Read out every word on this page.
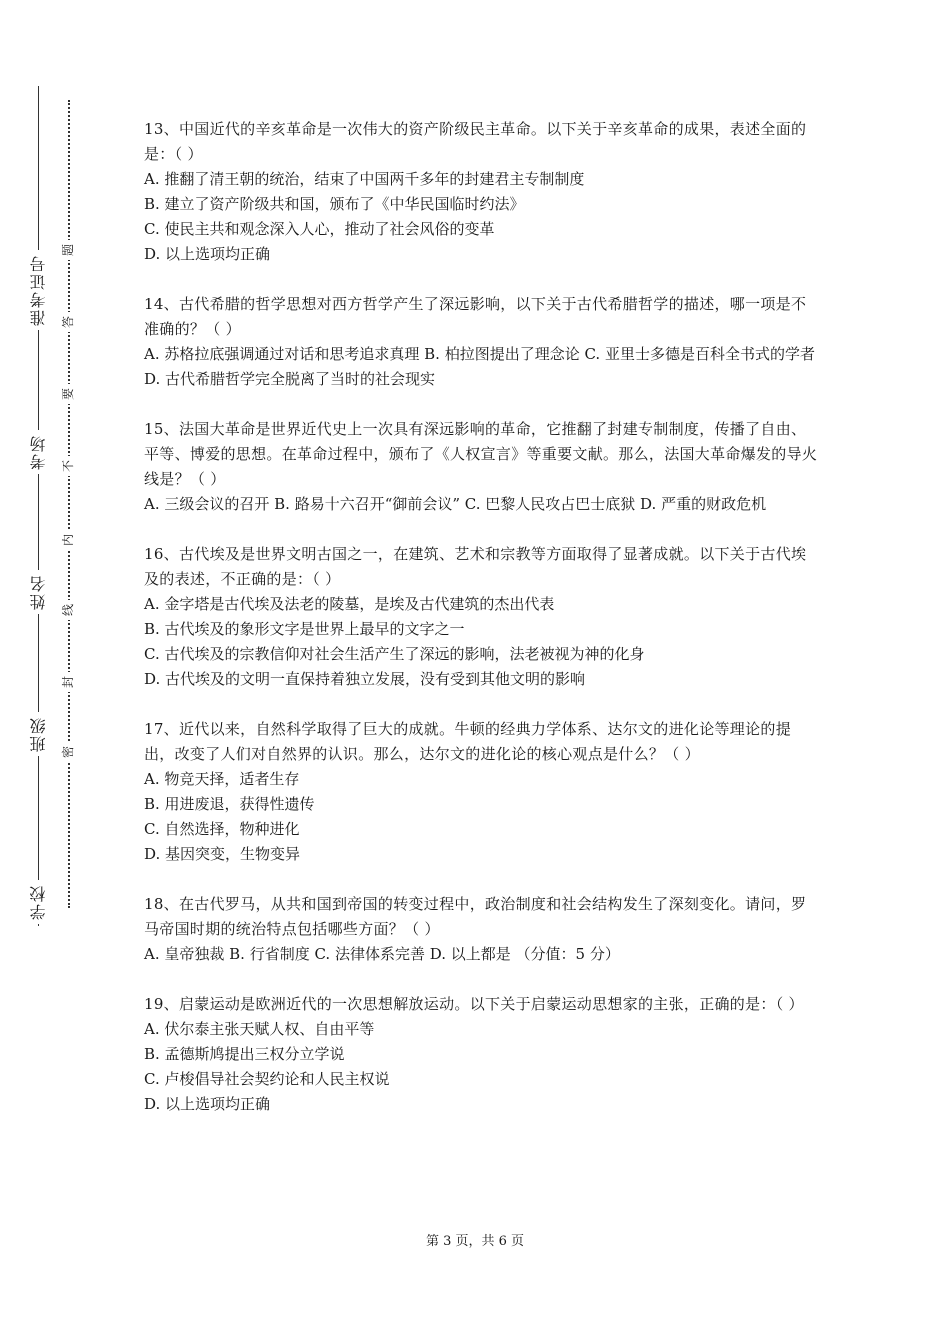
准考证号
考场
姓名
班级
学校
题
答
要
不
内
线
封
密

13、中国近代的辛亥革命是一次伟大的资产阶级民主革命。以下关于辛亥革命的成果，表述全面的是：（ ）

A. 推翻了清王朝的统治，结束了中国两千多年的封建君主专制制度

B. 建立了资产阶级共和国，颁布了《中华民国临时约法》

C. 使民主共和观念深入人心，推动了社会风俗的变革

D. 以上选项均正确

14、古代希腊的哲学思想对西方哲学产生了深远影响，以下关于古代希腊哲学的描述，哪一项是不准确的？（ ）

A. 苏格拉底强调通过对话和思考追求真理 B. 柏拉图提出了理念论 C. 亚里士多德是百科全书式的学者 D. 古代希腊哲学完全脱离了当时的社会现实

15、法国大革命是世界近代史上一次具有深远影响的革命，它推翻了封建专制制度，传播了自由、平等、博爱的思想。在革命过程中，颁布了《人权宣言》等重要文献。那么，法国大革命爆发的导火线是？（ ）

A. 三级会议的召开 B. 路易十六召开“御前会议” C. 巴黎人民攻占巴士底狱 D. 严重的财政危机

16、古代埃及是世界文明古国之一，在建筑、艺术和宗教等方面取得了显著成就。以下关于古代埃及的表述，不正确的是：（ ）

A. 金字塔是古代埃及法老的陵墓，是埃及古代建筑的杰出代表

B. 古代埃及的象形文字是世界上最早的文字之一

C. 古代埃及的宗教信仰对社会生活产生了深远的影响，法老被视为神的化身

D. 古代埃及的文明一直保持着独立发展，没有受到其他文明的影响

17、近代以来，自然科学取得了巨大的成就。牛顿的经典力学体系、达尔文的进化论等理论的提出，改变了人们对自然界的认识。那么，达尔文的进化论的核心观点是什么？（ ）

A. 物竞天择，适者生存

B. 用进废退，获得性遗传

C. 自然选择，物种进化

D. 基因突变，生物变异

18、在古代罗马，从共和国到帝国的转变过程中，政治制度和社会结构发生了深刻变化。请问，罗马帝国时期的统治特点包括哪些方面？（ ）

A. 皇帝独裁 B. 行省制度 C. 法律体系完善 D. 以上都是 （分值：5 分）

19、启蒙运动是欧洲近代的一次思想解放运动。以下关于启蒙运动思想家的主张，正确的是：（ ）

A. 伏尔泰主张天赋人权、自由平等

B. 孟德斯鸠提出三权分立学说

C. 卢梭倡导社会契约论和人民主权说

D. 以上选项均正确

第 3 页，共 6 页
